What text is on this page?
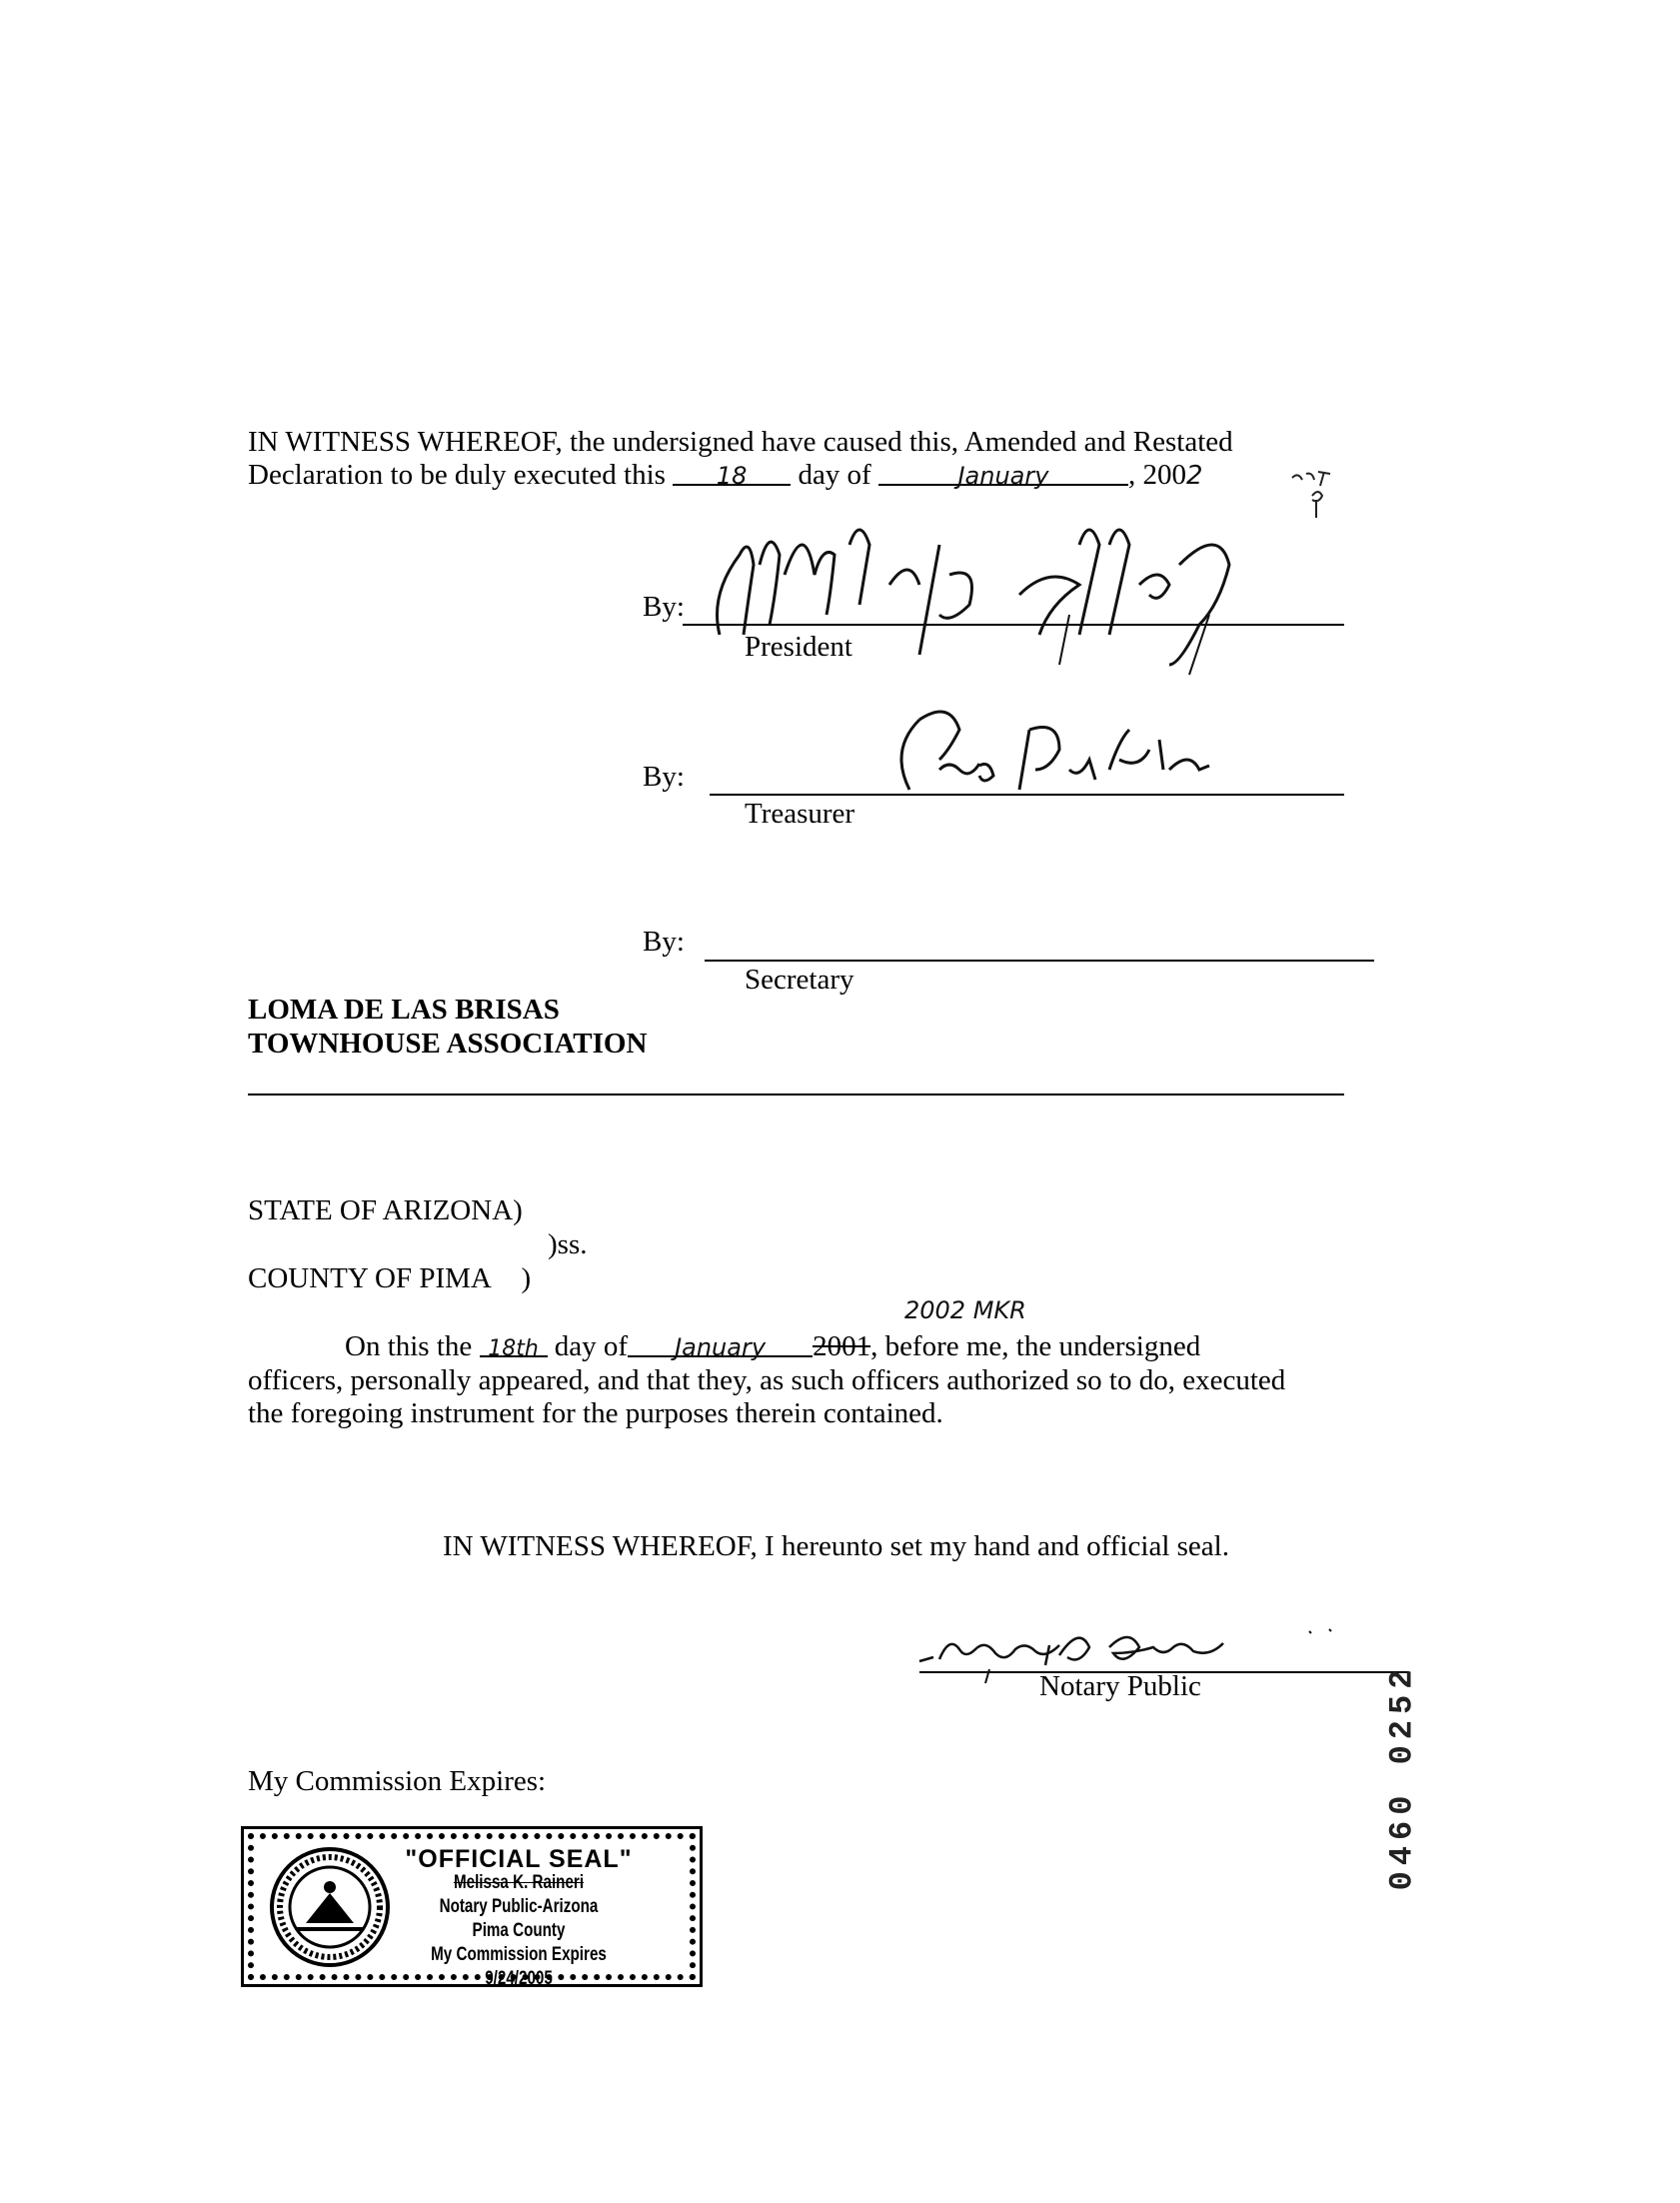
IN WITNESS WHEREOF, the undersigned have caused this, Amended and Restated
Declaration to be duly executed this 18 day of	January	, 2002
By:
President
By:
Treasurer
By:
Secretary
LOMA DE LAS BRISAS
TOWNHOUSE ASSOCIATION
STATE OF ARIZONA)
)ss.
COUNTY OF PIMA )
2002 MKR
On this the 18th day of January 2001, before me, the undersigned
officers, personally appeared, and that they, as such officers authorized so to do, executed
the foregoing instrument for the purposes therein contained.
IN WITNESS WHEREOF, I hereunto set my hand and official seal.
Notary Public
My Commission Expires:
"OFFICIAL SEAL"
Melissa K. Raineri
Notary Public-Arizona
Pima County
My Commission Expires 9/24/2005
0460 0252
